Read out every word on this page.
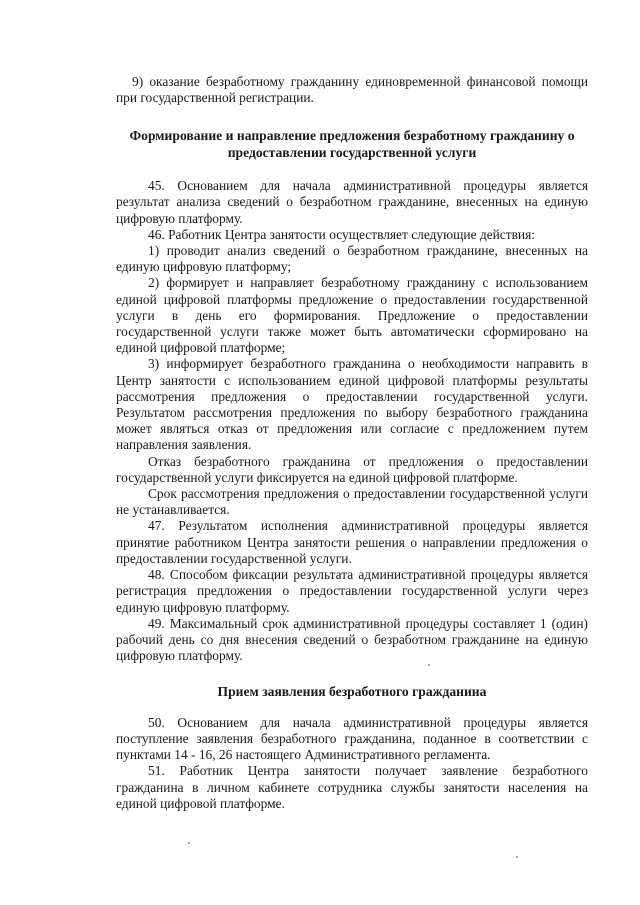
9) оказание безработному гражданину единовременной финансовой помощи при государственной регистрации.

Формирование и направление предложения безработному гражданину о предоставлении государственной услуги

45. Основанием для начала административной процедуры является результат анализа сведений о безработном гражданине, внесенных на единую цифровую платформу.

46. Работник Центра занятости осуществляет следующие действия:

1) проводит анализ сведений о безработном гражданине, внесенных на единую цифровую платформу;

2) формирует и направляет безработному гражданину с использованием единой цифровой платформы предложение о предоставлении государственной услуги в день его формирования. Предложение о предоставлении государственной услуги также может быть автоматически сформировано на единой цифровой платформе;

3) информирует безработного гражданина о необходимости направить в Центр занятости с использованием единой цифровой платформы результаты рассмотрения предложения о предоставлении государственной услуги. Результатом рассмотрения предложения по выбору безработного гражданина может являться отказ от предложения или согласие с предложением путем направления заявления.

Отказ безработного гражданина от предложения о предоставлении государственной услуги фиксируется на единой цифровой платформе.

Срок рассмотрения предложения о предоставлении государственной услуги не устанавливается.

47. Результатом исполнения административной процедуры является принятие работником Центра занятости решения о направлении предложения о предоставлении государственной услуги.

48. Способом фиксации результата административной процедуры является регистрация предложения о предоставлении государственной услуги через единую цифровую платформу.

49. Максимальный срок административной процедуры составляет 1 (один) рабочий день со дня внесения сведений о безработном гражданине на единую цифровую платформу.

Прием заявления безработного гражданина

50. Основанием для начала административной процедуры является поступление заявления безработного гражданина, поданное в соответствии с пунктами 14 - 16, 26 настоящего Административного регламента.

51. Работник Центра занятости получает заявление безработного гражданина в личном кабинете сотрудника службы занятости населения на единой цифровой платформе.
